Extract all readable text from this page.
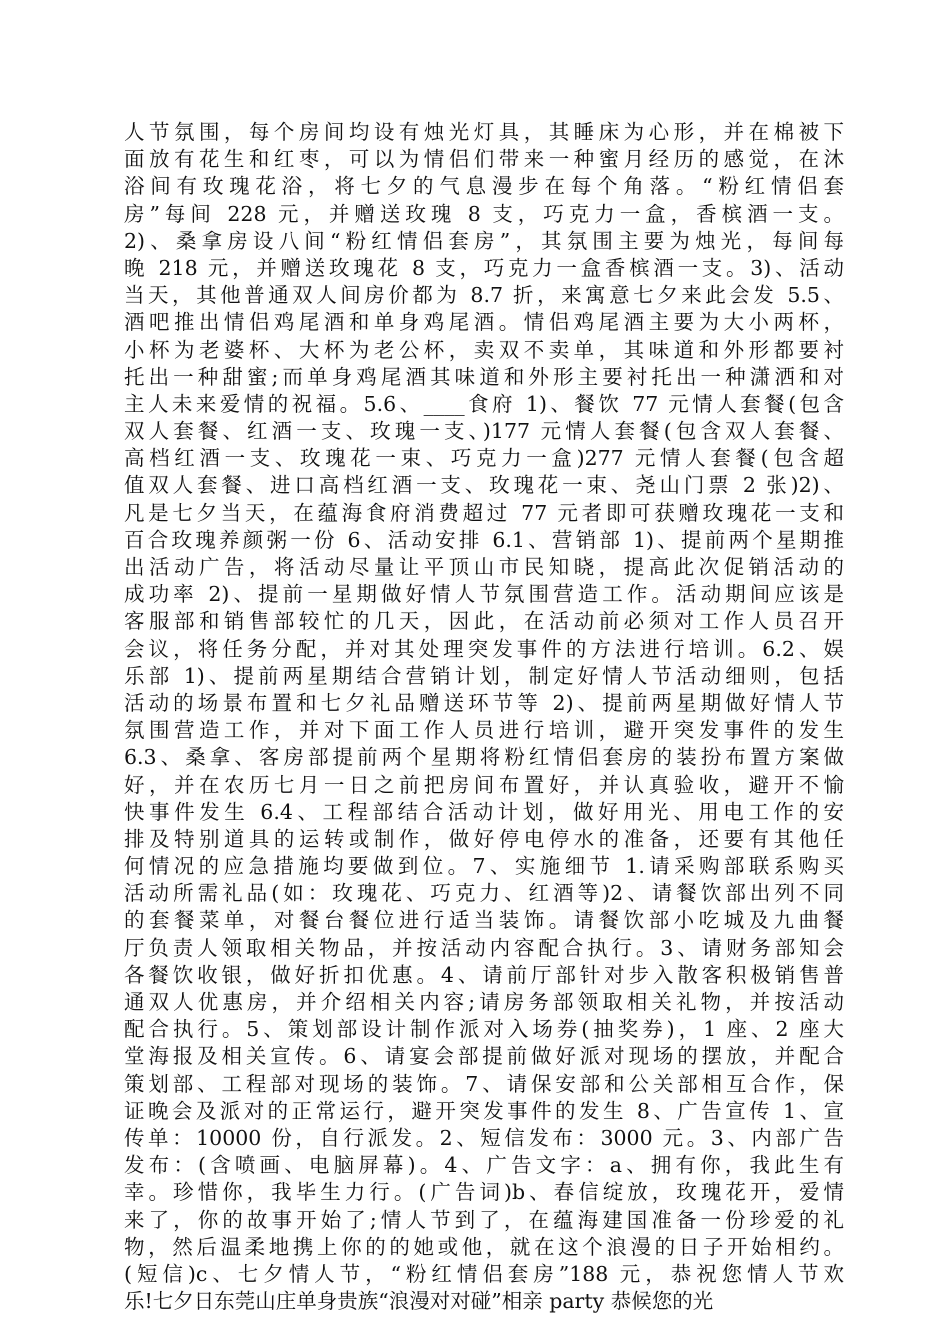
人节氛围，每个房间均设有烛光灯具，其睡床为心形，并在棉被下
面放有花生和红枣，可以为情侣们带来一种蜜月经历的感觉，在沐
浴间有玫瑰花浴，将七夕的气息漫步在每个角落。“粉红情侣套
房”每间 228 元，并赠送玫瑰 8 支，巧克力一盒，香槟酒一支。
2)、桑拿房设八间“粉红情侣套房”，其氛围主要为烛光，每间每
晚 218 元，并赠送玫瑰花 8 支，巧克力一盒香槟酒一支。3)、活动
当天，其他普通双人间房价都为 8.7 折，来寓意七夕来此会发 5.5、
酒吧推出情侣鸡尾酒和单身鸡尾酒。情侣鸡尾酒主要为大小两杯，
小杯为老婆杯、大杯为老公杯，卖双不卖单，其味道和外形都要衬
托出一种甜蜜;而单身鸡尾酒其味道和外形主要衬托出一种潇洒和对
主人未来爱情的祝福。5.6、____食府 1)、餐饮 77 元情人套餐(包含
双人套餐、红酒一支、玫瑰一支、)177 元情人套餐(包含双人套餐、
高档红酒一支、玫瑰花一束、巧克力一盒)277 元情人套餐(包含超
值双人套餐、进口高档红酒一支、玫瑰花一束、尧山门票 2 张)2)、
凡是七夕当天，在蕴海食府消费超过 77 元者即可获赠玫瑰花一支和
百合玫瑰养颜粥一份 6、活动安排 6.1、营销部 1)、提前两个星期推
出活动广告，将活动尽量让平顶山市民知晓，提高此次促销活动的
成功率 2)、提前一星期做好情人节氛围营造工作。活动期间应该是
客服部和销售部较忙的几天，因此，在活动前必须对工作人员召开
会议，将任务分配，并对其处理突发事件的方法进行培训。6.2、娱
乐部 1)、提前两星期结合营销计划，制定好情人节活动细则，包括
活动的场景布置和七夕礼品赠送环节等 2)、提前两星期做好情人节
氛围营造工作，并对下面工作人员进行培训，避开突发事件的发生
6.3、桑拿、客房部提前两个星期将粉红情侣套房的装扮布置方案做
好，并在农历七月一日之前把房间布置好，并认真验收，避开不愉
快事件发生 6.4、工程部结合活动计划，做好用光、用电工作的安
排及特别道具的运转或制作，做好停电停水的准备，还要有其他任
何情况的应急措施均要做到位。7、实施细节 1.请采购部联系购买
活动所需礼品(如：玫瑰花、巧克力、红酒等)2、请餐饮部出列不同
的套餐菜单，对餐台餐位进行适当装饰。请餐饮部小吃城及九曲餐
厅负责人领取相关物品，并按活动内容配合执行。3、请财务部知会
各餐饮收银，做好折扣优惠。4、请前厅部针对步入散客积极销售普
通双人优惠房，并介绍相关内容;请房务部领取相关礼物，并按活动
配合执行。5、策划部设计制作派对入场券(抽奖券)，1 座、2 座大
堂海报及相关宣传。6、请宴会部提前做好派对现场的摆放，并配合
策划部、工程部对现场的装饰。7、请保安部和公关部相互合作，保
证晚会及派对的正常运行，避开突发事件的发生 8、广告宣传 1、宣
传单：10000 份，自行派发。2、短信发布：3000 元。3、内部广告
发布：(含喷画、电脑屏幕)。4、广告文字：a、拥有你，我此生有
幸。珍惜你，我毕生力行。(广告词)b、春信绽放，玫瑰花开，爱情
来了，你的故事开始了;情人节到了，在蕴海建国准备一份珍爱的礼
物，然后温柔地携上你的的她或他，就在这个浪漫的日子开始相约。
(短信)c、七夕情人节，“粉红情侣套房”188 元，恭祝您情人节欢
乐!七夕日东莞山庄单身贵族“浪漫对对碰”相亲 party 恭候您的光
